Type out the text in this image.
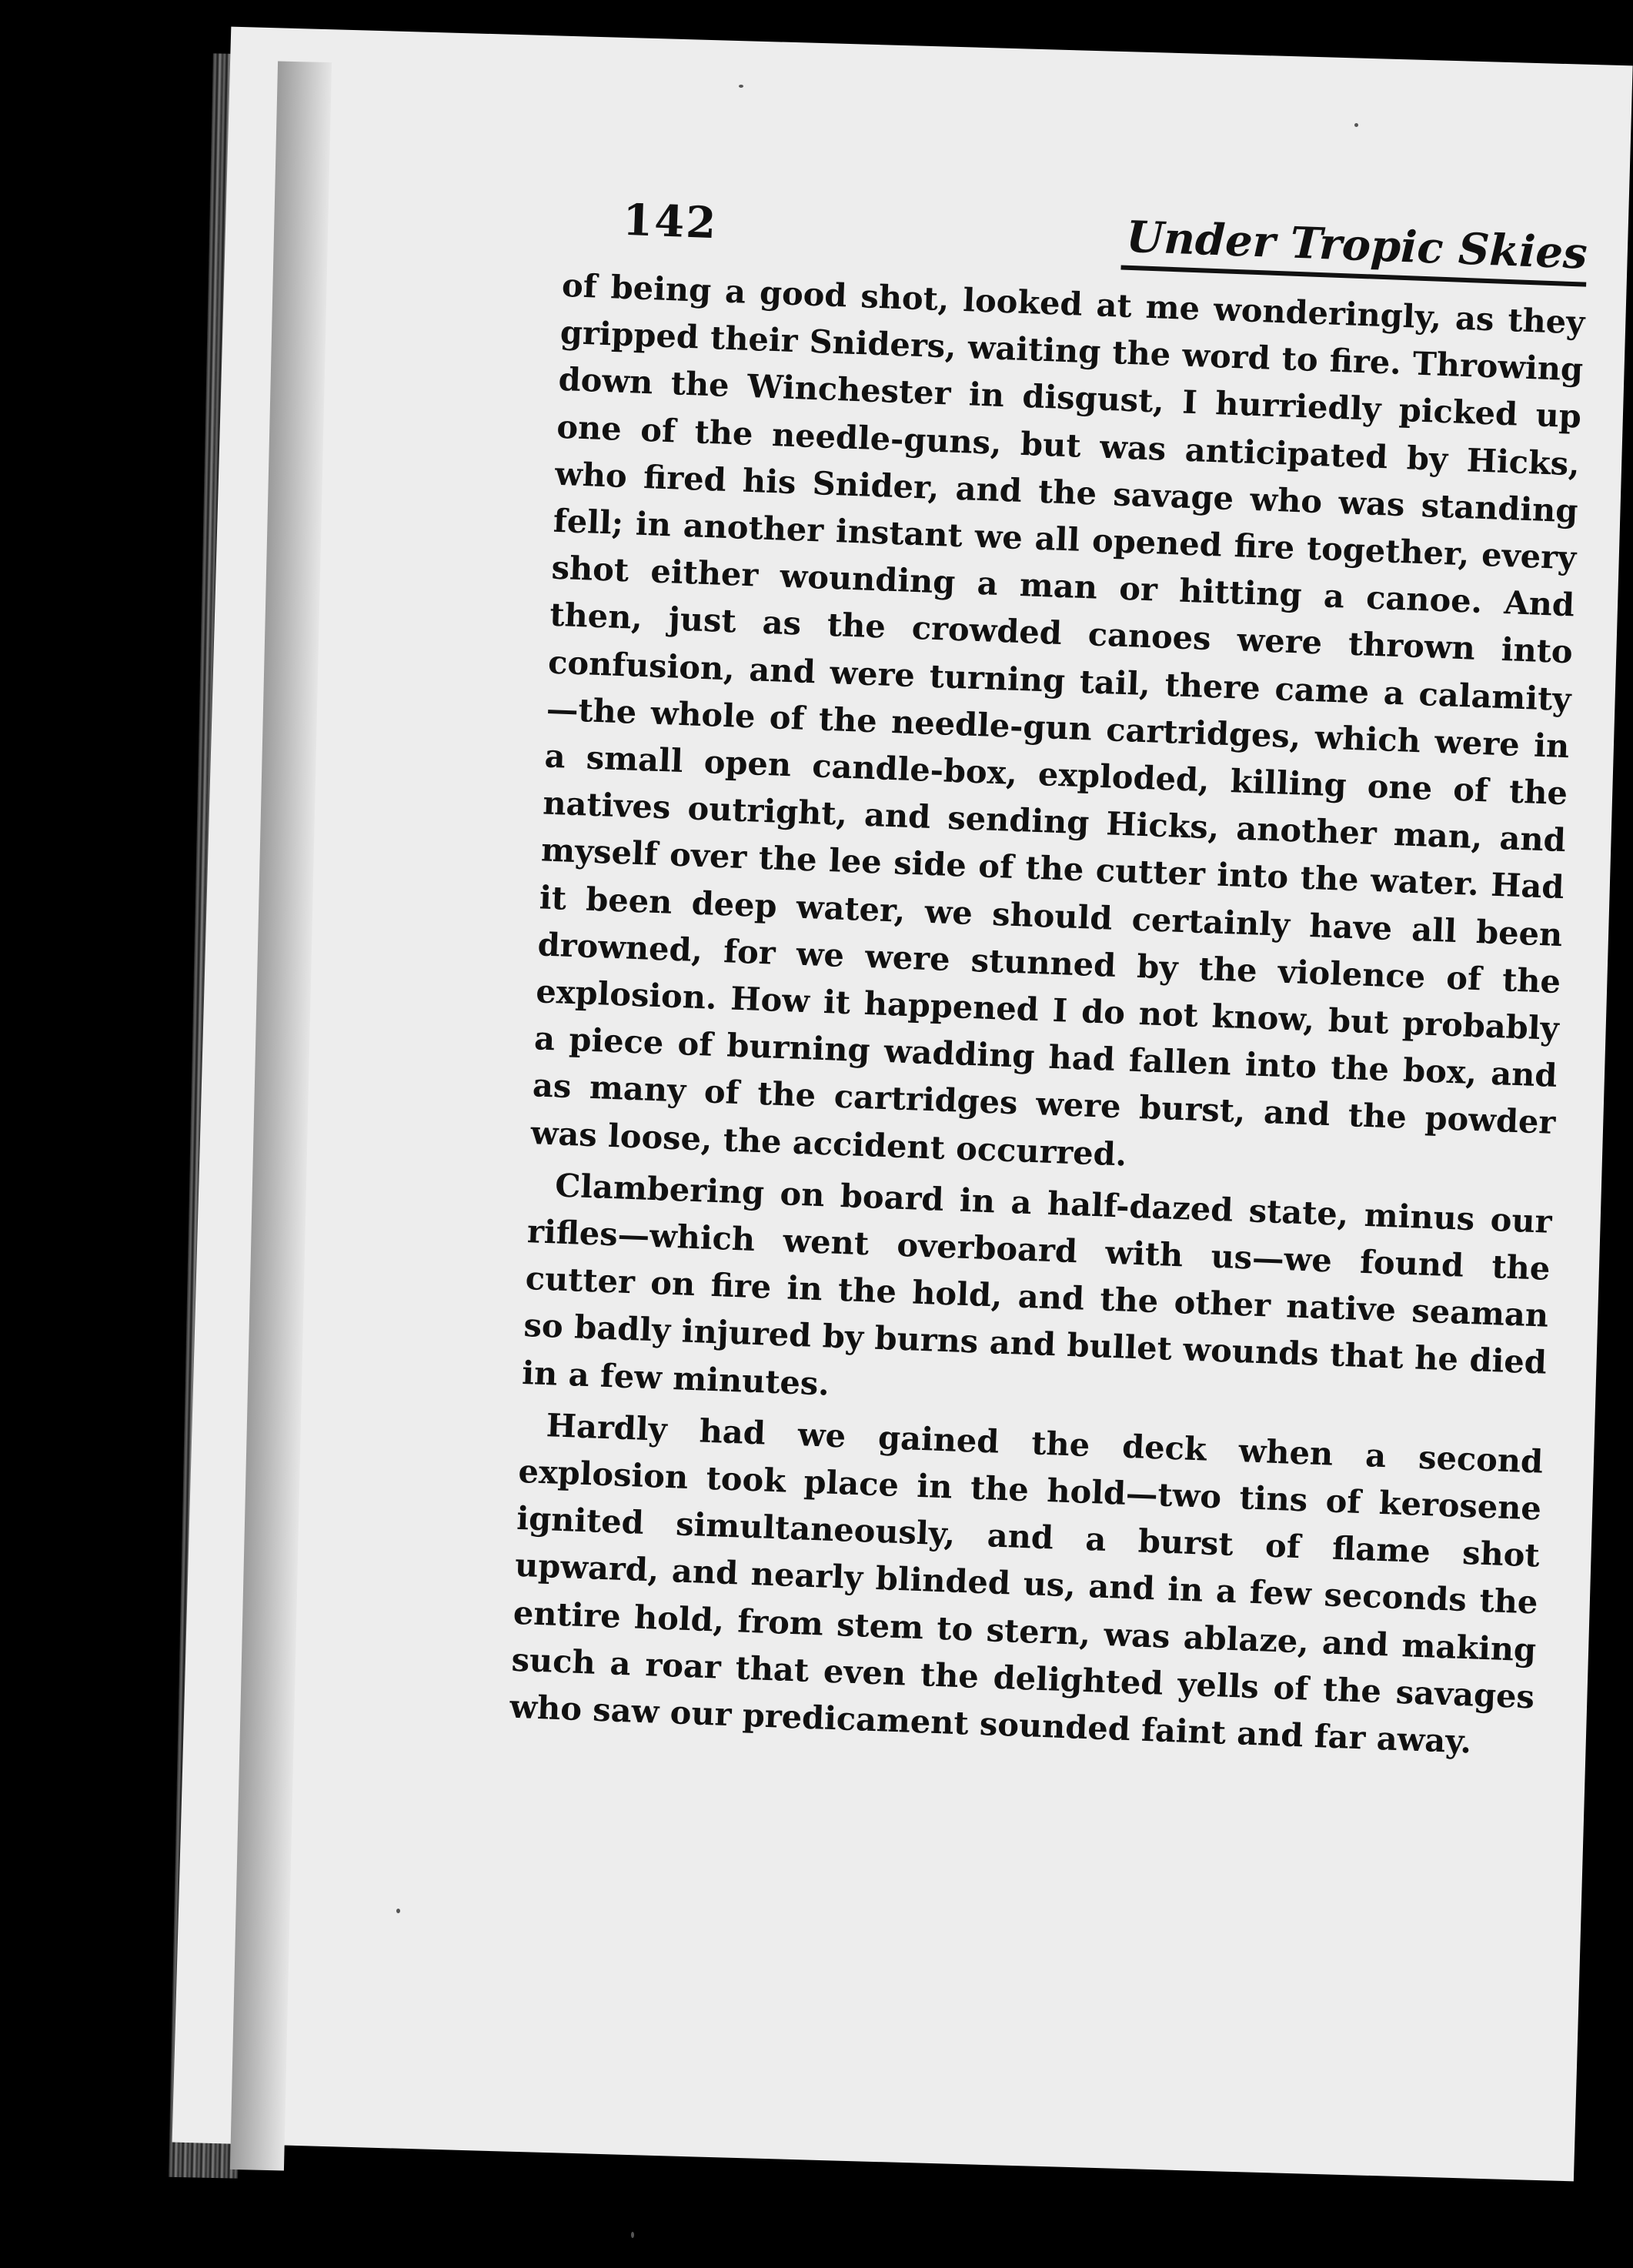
142	Under Tropic Skies

of being a good shot, looked at me wonderingly, as they gripped their Sniders, waiting the word to fire. Throwing down the Winchester in disgust, I hurriedly picked up one of the needle-guns, but was anticipated by Hicks, who fired his Snider, and the savage who was standing fell; in another instant we all opened fire together, every shot either wounding a man or hitting a canoe. And then, just as the crowded canoes were thrown into confusion, and were turning tail, there came a calamity —the whole of the needle-gun cartridges, which were in a small open candle-box, exploded, killing one of the natives outright, and sending Hicks, another man, and myself over the lee side of the cutter into the water. Had it been deep water, we should certainly have all been drowned, for we were stunned by the violence of the explosion. How it happened I do not know, but probably a piece of burning wadding had fallen into the box, and as many of the cartridges were burst, and the powder was loose, the accident occurred.

Clambering on board in a half-dazed state, minus our rifles—which went overboard with us—we found the cutter on fire in the hold, and the other native seaman so badly injured by burns and bullet wounds that he died in a few minutes.

Hardly had we gained the deck when a second explosion took place in the hold—two tins of kerosene ignited simultaneously, and a burst of flame shot upward, and nearly blinded us, and in a few seconds the entire hold, from stem to stern, was ablaze, and making such a roar that even the delighted yells of the savages who saw our predicament sounded faint and far away.
